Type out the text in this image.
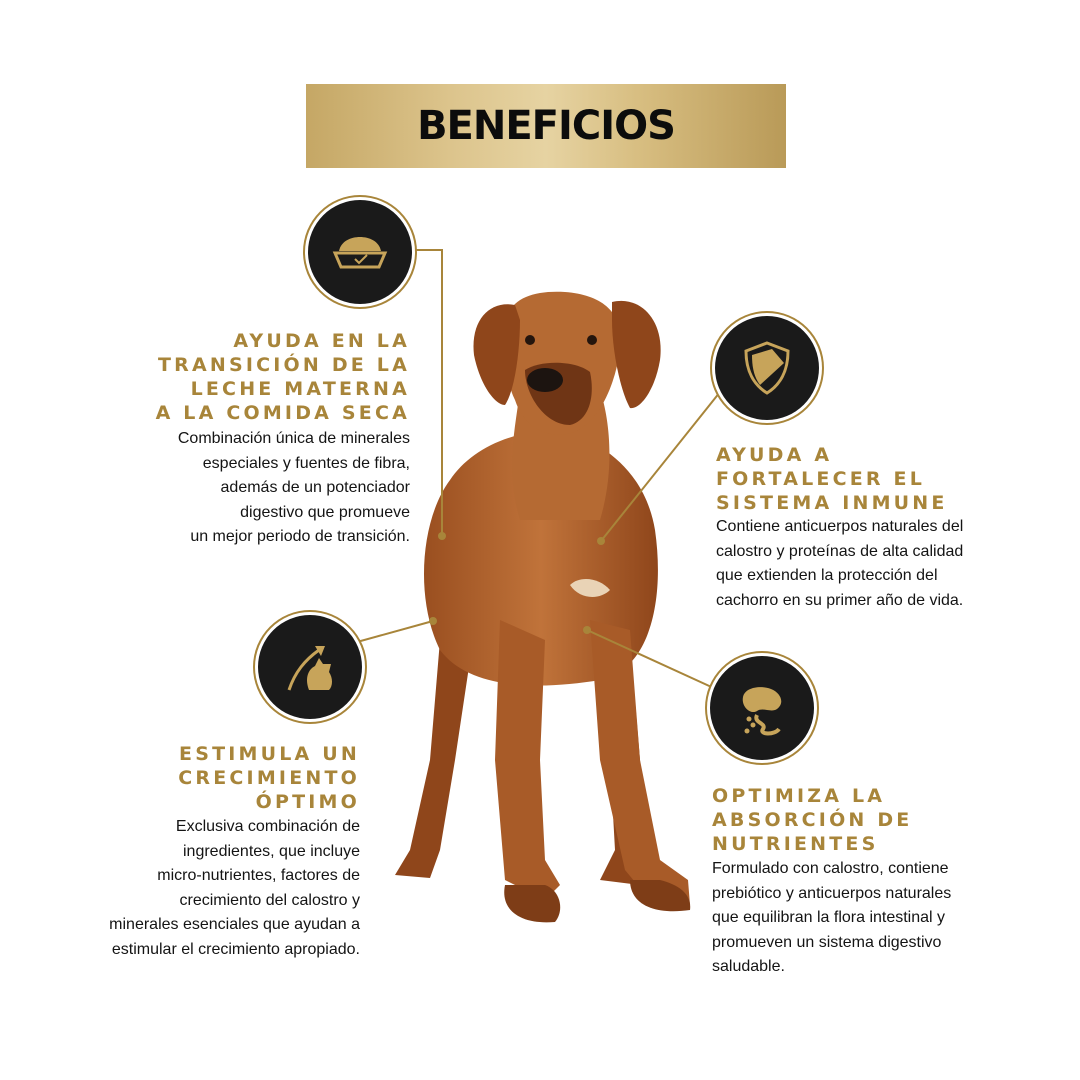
BENEFICIOS

AYUDA EN LA
TRANSICIÓN DE LA
LECHE MATERNA
A LA COMIDA SECA

Combinación única de minerales
especiales y fuentes de fibra,
además de un potenciador
digestivo que promueve
un mejor periodo de transición.

AYUDA A
FORTALECER EL
SISTEMA INMUNE

Contiene anticuerpos naturales del
calostro y proteínas de alta calidad
que extienden la protección del
cachorro en su primer año de vida.

ESTIMULA UN
CRECIMIENTO
ÓPTIMO

Exclusiva combinación de
ingredientes, que incluye
micro-nutrientes, factores de
crecimiento del calostro y
minerales esenciales que ayudan a
estimular el crecimiento apropiado.

OPTIMIZA LA
ABSORCIÓN DE
NUTRIENTES

Formulado con calostro, contiene
prebiótico y anticuerpos naturales
que equilibran la flora intestinal y
promueven un sistema digestivo
saludable.
